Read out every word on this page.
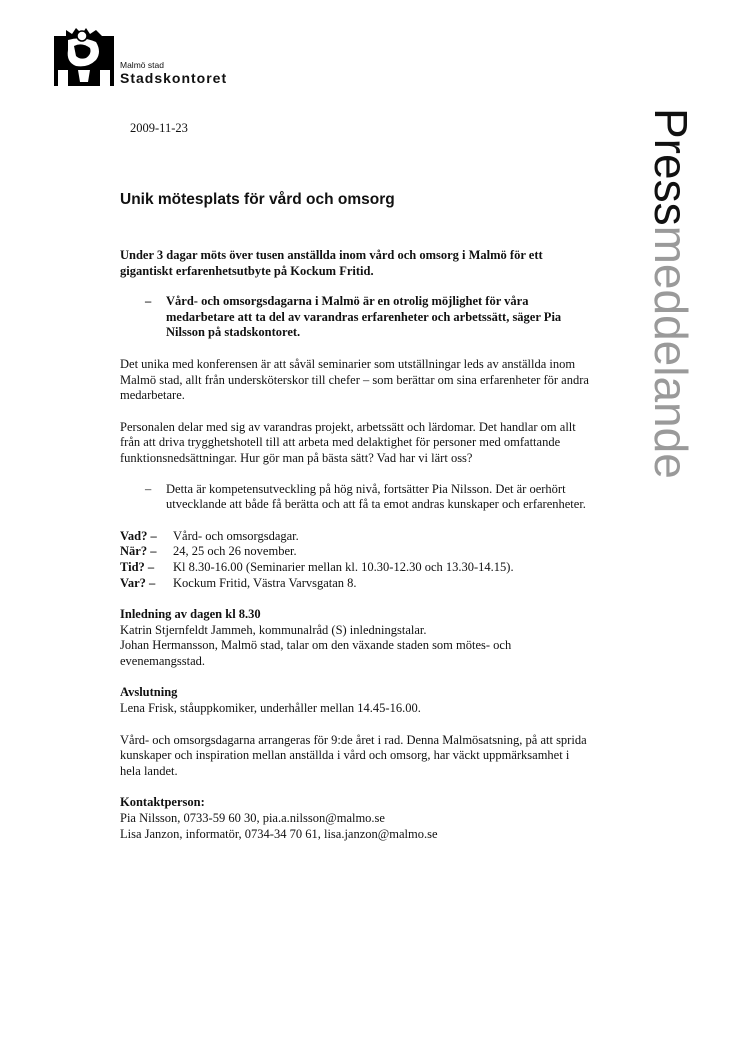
Malmö stad
Stadskontoret
Pressmeddelande
2009-11-23
Unik mötesplats för vård och omsorg

Under 3 dagar möts över tusen anställda inom vård och omsorg i Malmö för ett gigantiskt erfarenhetsutbyte på Kockum Fritid.

– Vård- och omsorgsdagarna i Malmö är en otrolig möjlighet för våra medarbetare att ta del av varandras erfarenheter och arbetssätt, säger Pia Nilsson på stadskontoret.

Det unika med konferensen är att såväl seminarier som utställningar leds av anställda inom Malmö stad, allt från undersköterskor till chefer – som berättar om sina erfarenheter för andra medarbetare.

Personalen delar med sig av varandras projekt, arbetssätt och lärdomar. Det handlar om allt från att driva trygghetshotell till att arbeta med delaktighet för personer med omfattande funktionsnedsättningar. Hur gör man på bästa sätt? Vad har vi lärt oss?

– Detta är kompetensutveckling på hög nivå, fortsätter Pia Nilsson. Det är oerhört utvecklande att både få berätta och att få ta emot andras kunskaper och erfarenheter.

Vad? –	Vård- och omsorgsdagar.
När? –	24, 25 och 26 november.
Tid? –	Kl 8.30-16.00 (Seminarier mellan kl. 10.30-12.30 och 13.30-14.15).
Var? –	Kockum Fritid, Västra Varvsgatan 8.
Inledning av dagen kl 8.30
Katrin Stjernfeldt Jammeh, kommunalråd (S) inledningstalar.
Johan Hermansson, Malmö stad, talar om den växande staden som mötes- och evenemangsstad.
Avslutning
Lena Frisk, ståuppkomiker, underhåller mellan 14.45-16.00.

Vård- och omsorgsdagarna arrangeras för 9:de året i rad. Denna Malmösatsning, på att sprida kunskaper och inspiration mellan anställda i vård och omsorg, har väckt uppmärksamhet i hela landet.

Kontaktperson:
Pia Nilsson, 0733-59 60 30, pia.a.nilsson@malmo.se
Lisa Janzon, informatör, 0734-34 70 61, lisa.janzon@malmo.se
